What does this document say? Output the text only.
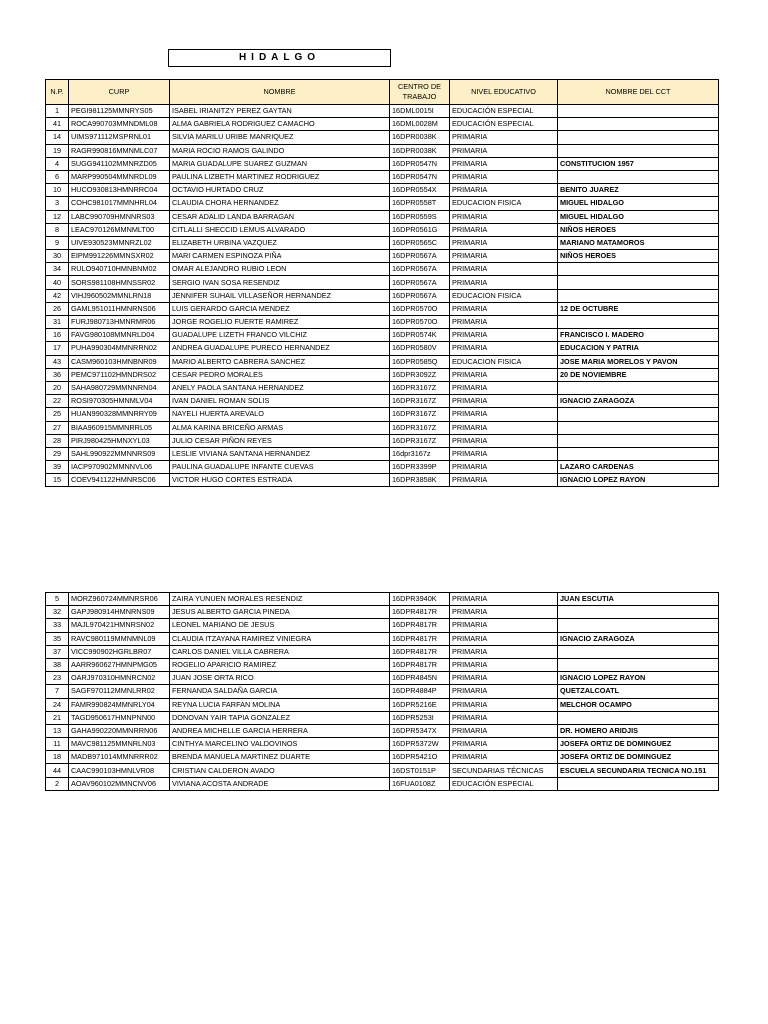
HIDALGO
N.P.	CURP	NOMBRE	CENTRO DE TRABAJO	NIVEL EDUCATIVO	NOMBRE DEL CCT
1	PEGI981125MMNRYS05	ISABEL IRIANITZY PEREZ GAYTAN	16DML0015I	EDUCACIÓN ESPECIAL	
41	ROCA990703MMNDML08	ALMA GABRIELA RODRIGUEZ CAMACHO	16DML0028M	EDUCACIÓN ESPECIAL	
14	UIMS971112MSPRNL01	SILVIA MARILU URIBE MANRIQUEZ	16DPR0038K	PRIMARIA	
19	RAGR990816MMNMLC07	MARIA ROCIO RAMOS GALINDO	16DPR0038K	PRIMARIA	
4	SUGG941102MMNRZD05	MARIA GUADALUPE SUAREZ GUZMAN	16DPR0547N	PRIMARIA	CONSTITUCION 1957
6	MARP990504MMNRDL09	PAULINA LIZBETH MARTINEZ RODRIGUEZ	16DPR0547N	PRIMARIA	
10	HUCO930813HMNRRC04	OCTAVIO HURTADO CRUZ	16DPR0554X	PRIMARIA	BENITO JUAREZ
3	COHC981017MMNHRL04	CLAUDIA CHORA HERNANDEZ	16DPR0558T	EDUCACION FISICA	MIGUEL HIDALGO
12	LABC990709HMNNRS03	CESAR ADALID LANDA BARRAGAN	16DPR0559S	PRIMARIA	MIGUEL HIDALGO
8	LEAC970126MMNMLT00	CITLALLI SHECCID LEMUS ALVARADO	16DPR0561G	PRIMARIA	NIÑOS HEROES
9	UIVE930523MMNRZL02	ELIZABETH URBINA VAZQUEZ	16DPR0565C	PRIMARIA	MARIANO MATAMOROS
30	EIPM991226MMNSXR02	MARI CARMEN ESPINOZA PIÑA	16DPR0567A	PRIMARIA	NIÑOS HEROES
34	RULO940710HMNBNM02	OMAR ALEJANDRO RUBIO LEON	16DPR0567A	PRIMARIA	
40	SORS981108HMNSSR02	SERGIO IVAN SOSA RESENDIZ	16DPR0567A	PRIMARIA	
42	VIHJ960502MMNLRN18	JENNIFER SUHAIL VILLASEÑOR HERNANDEZ	16DPR0567A	EDUCACION FISICA	
26	GAML951011HMNRNS06	LUIS GERARDO GARCIA MENDEZ	16DPR0570O	PRIMARIA	12 DE OCTUBRE
31	FURJ980713HMNRMR06	JORGE ROGELIO FUERTE RAMIREZ	16DPR0570O	PRIMARIA	
16	FAVG980108MMNRLD04	GUADALUPE LIZETH FRANCO VILCHIZ	16DPR0574K	PRIMARIA	FRANCISCO I. MADERO
17	PUHA990304MMNRRN02	ANDREA GUADALUPE PURECO HERNANDEZ	16DPR0580V	PRIMARIA	EDUCACION Y PATRIA
43	CASM960103HMNBNR09	MARIO ALBERTO CABRERA SANCHEZ	16DPR0585Q	EDUCACION FISICA	JOSE MARIA MORELOS Y PAVON
36	PEMC971102HMNDRS02	CESAR PEDRO MORALES	16DPR3092Z	PRIMARIA	20 DE NOVIEMBRE
20	SAHA980729MMNNRN04	ANELY PAOLA SANTANA HERNANDEZ	16DPR3167Z	PRIMARIA	
22	ROSI970305HMNMLV04	IVAN DANIEL ROMAN SOLIS	16DPR3167Z	PRIMARIA	IGNACIO ZARAGOZA
25	HUAN990328MMNRRY09	NAYELI HUERTA AREVALO	16DPR3167Z	PRIMARIA	
27	BIAA960915MMNRRL05	ALMA KARINA BRICEÑO ARMAS	16DPR3167Z	PRIMARIA	
28	PIRJ980425HMNXYL03	JULIO CESAR PIÑON REYES	16DPR3167Z	PRIMARIA	
29	SAHL990922MMNNRS09	LESLIE VIVIANA SANTANA HERNANDEZ	16dpr3167z	PRIMARIA	
39	IACP970902MMNNVL06	PAULINA GUADALUPE INFANTE CUEVAS	16DPR3399P	PRIMARIA	LAZARO CARDENAS
15	COEV941122HMNRSC06	VICTOR HUGO CORTES ESTRADA	16DPR3858K	PRIMARIA	IGNACIO LOPEZ RAYON
5	MORZ960724MMNRSR06	ZAIRA YUNUEN MORALES RESENDIZ	16DPR3940K	PRIMARIA	JUAN ESCUTIA
32	GAPJ980914HMNRNS09	JESUS ALBERTO GARCIA PINEDA	16DPR4817R	PRIMARIA	
33	MAJL970421HMNRSN02	LEONEL MARIANO DE JESUS	16DPR4817R	PRIMARIA	
35	RAVC980119MMNMNL09	CLAUDIA ITZAYANA RAMIREZ VINIEGRA	16DPR4817R	PRIMARIA	IGNACIO ZARAGOZA
37	VICC990902HGRLBR07	CARLOS DANIEL VILLA CABRERA	16DPR4817R	PRIMARIA	
38	AARR960627HMNPMG05	ROGELIO APARICIO RAMIREZ	16DPR4817R	PRIMARIA	
23	OARJ970310HMNRCN02	JUAN JOSE ORTA RICO	16DPR4845N	PRIMARIA	IGNACIO LOPEZ RAYON
7	SAGF970112MMNLRR02	FERNANDA SALDAÑA GARCIA	16DPR4884P	PRIMARIA	QUETZALCOATL
24	FAMR990824MMNRLY04	REYNA LUCIA FARFAN MOLINA	16DPR5216E	PRIMARIA	MELCHOR OCAMPO
21	TAGD950617HMNPNN00	DONOVAN YAIR TAPIA GONZALEZ	16DPR5253I	PRIMARIA	
13	GAHA990220MMNRRN06	ANDREA MICHELLE GARCIA HERRERA	16DPR5347X	PRIMARIA	DR. HOMERO ARIDJIS
11	MAVC981125MMNRLN03	CINTHYA MARCELINO VALDOVINOS	16DPR5372W	PRIMARIA	JOSEFA ORTIZ DE DOMINGUEZ
18	MADB971014MMNRRR02	BRENDA MANUELA MARTINEZ DUARTE	16DPR5421O	PRIMARIA	JOSEFA ORTIZ DE DOMINGUEZ
44	CAAC990103HMNLVR08	CRISTIAN CALDERON AVADO	16DST0151P	SECUNDARIAS TÉCNICAS	ESCUELA SECUNDARIA TECNICA NO.151
2	AOAV960102MMNCNV06	VIVIANA ACOSTA ANDRADE	16FUA0108Z	EDUCACIÓN ESPECIAL	
